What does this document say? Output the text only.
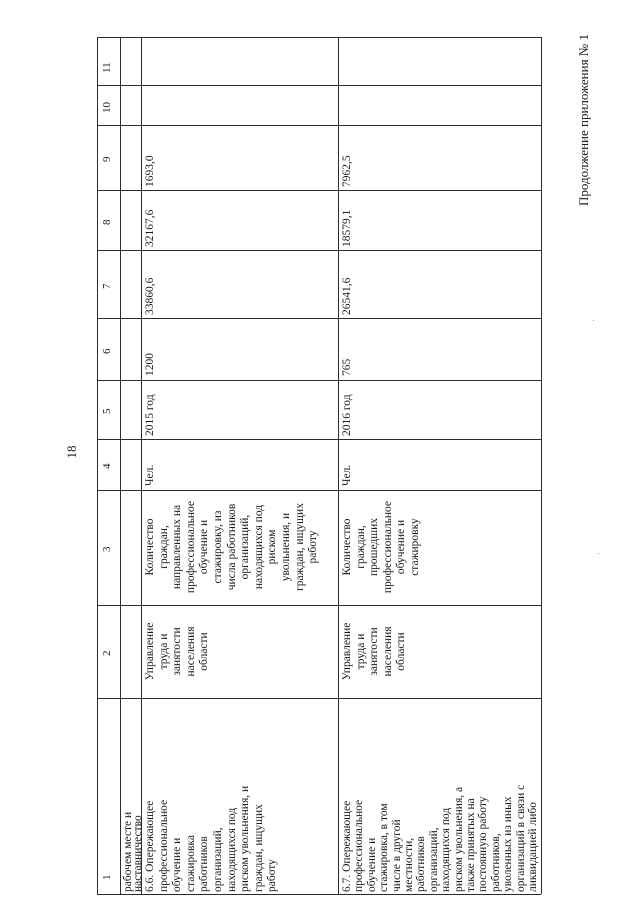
18
Продолжение приложения № 1
1
2
3
4
5
6
7
8
9
10
11
рабочем месте и
наставничество 6.6. Опережающее профессиональное обучение и стажировка работников организаций, находящихся под риском увольнения, и граждан, ищущих работу
Управление труда и занятости населения области
Количество граждан, направленных на профессиональное обучение и стажировку, из числа работников организаций, находящихся под риском увольнения, и граждан, ищущих работу
Чел.
2015 год
1200
33860,6
32167,6
1693,0
6.7. Опережающее профессиональное обучение и стажировка, в том числе в другой местности, работников организаций, находящихся под риском увольнения, а также принятых на постоянную работу работников, уволенных из иных организаций в связи с ликвидацией либо
Управление труда и занятости населения области
Количество граждан, прошедших профессиональное обучение и стажировку
Чел.
2016 год
765
26541,6
18579,1
7962,5
